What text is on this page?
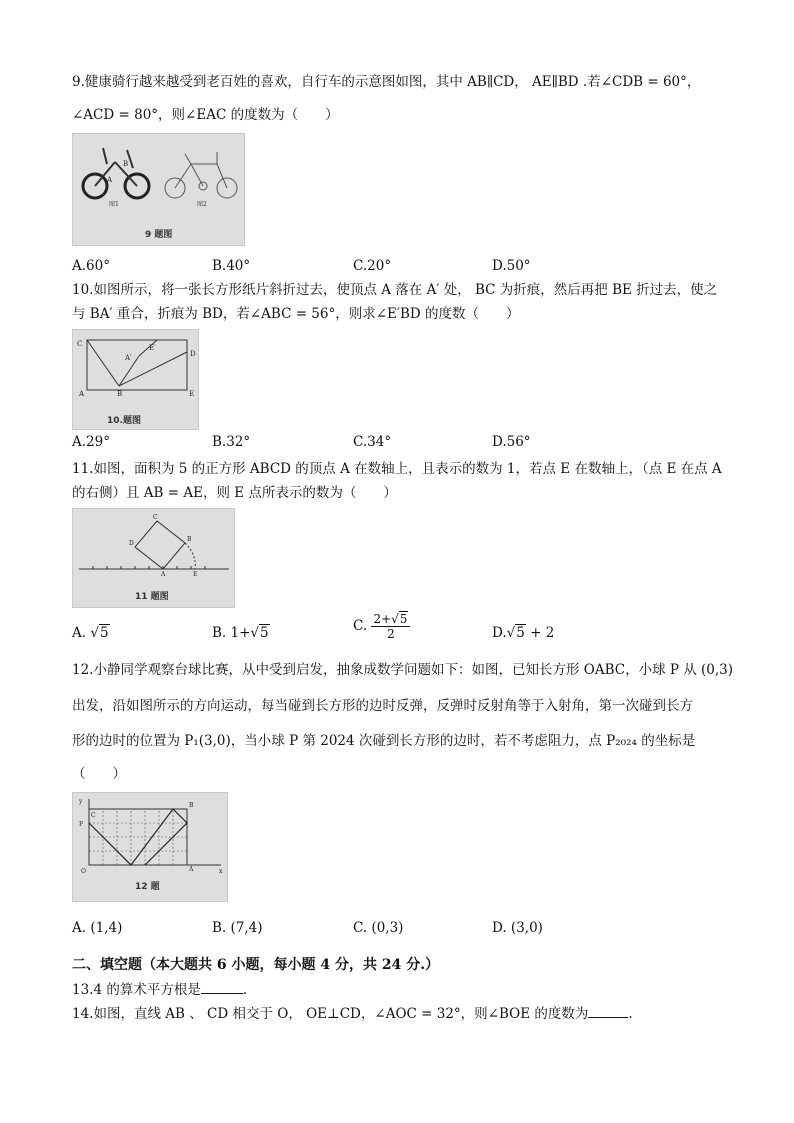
9.健康骑行越来越受到老百姓的喜欢，自行车的示意图如图，其中 AB∥CD， AE∥BD .若∠CDB = 60°，
∠ACD = 80°，则∠EAC 的度数为（　　）
A
B
图1	图2
9 题图
A.60°	B.40°	C.20°	D.50°
10.如图所示，将一张长方形纸片斜折过去，使顶点 A 落在 A′ 处， BC 为折痕，然后再把 BE 折过去，使之
与 BA′ 重合，折痕为 BD，若∠ABC = 56°，则求∠E′BD 的度数（　　）
C
A′
E′
D
A	B	E
10.题图
A.29°	B.32°	C.34°	D.56°
11.如图，面积为 5 的正方形 ABCD 的顶点 A 在数轴上，且表示的数为 1，若点 E 在数轴上，（点 E 在点 A
的右侧）且 AB = AE，则 E 点所表示的数为（　　）
D
C
B
A	E
11 题图
A. √5	B. 1+√5	C. $\frac{2+√5}{2}$	D.√5 + 2
12.小静同学观察台球比赛，从中受到启发，抽象成数学问题如下：如图，已知长方形 OABC，小球 P 从 (0,3)
出发，沿如图所示的方向运动，每当碰到长方形的边时反弹，反弹时反射角等于入射角，第一次碰到长方
形的边时的位置为 P₁(3,0)，当小球 P 第 2024 次碰到长方形的边时，若不考虑阻力，点 P₂₀₂₄ 的坐标是
（　　）
y
x
O
C
B
A
P
12 题
A. (1,4)	B. (7,4)	C. (0,3)	D. (3,0)
二、填空题（本大题共 6 小题，每小题 4 分，共 24 分.）
13.4 的算术平方根是	.
14.如图，直线 AB 、 CD 相交于 O， OE⊥CD，∠AOC = 32°，则∠BOE 的度数为	.
